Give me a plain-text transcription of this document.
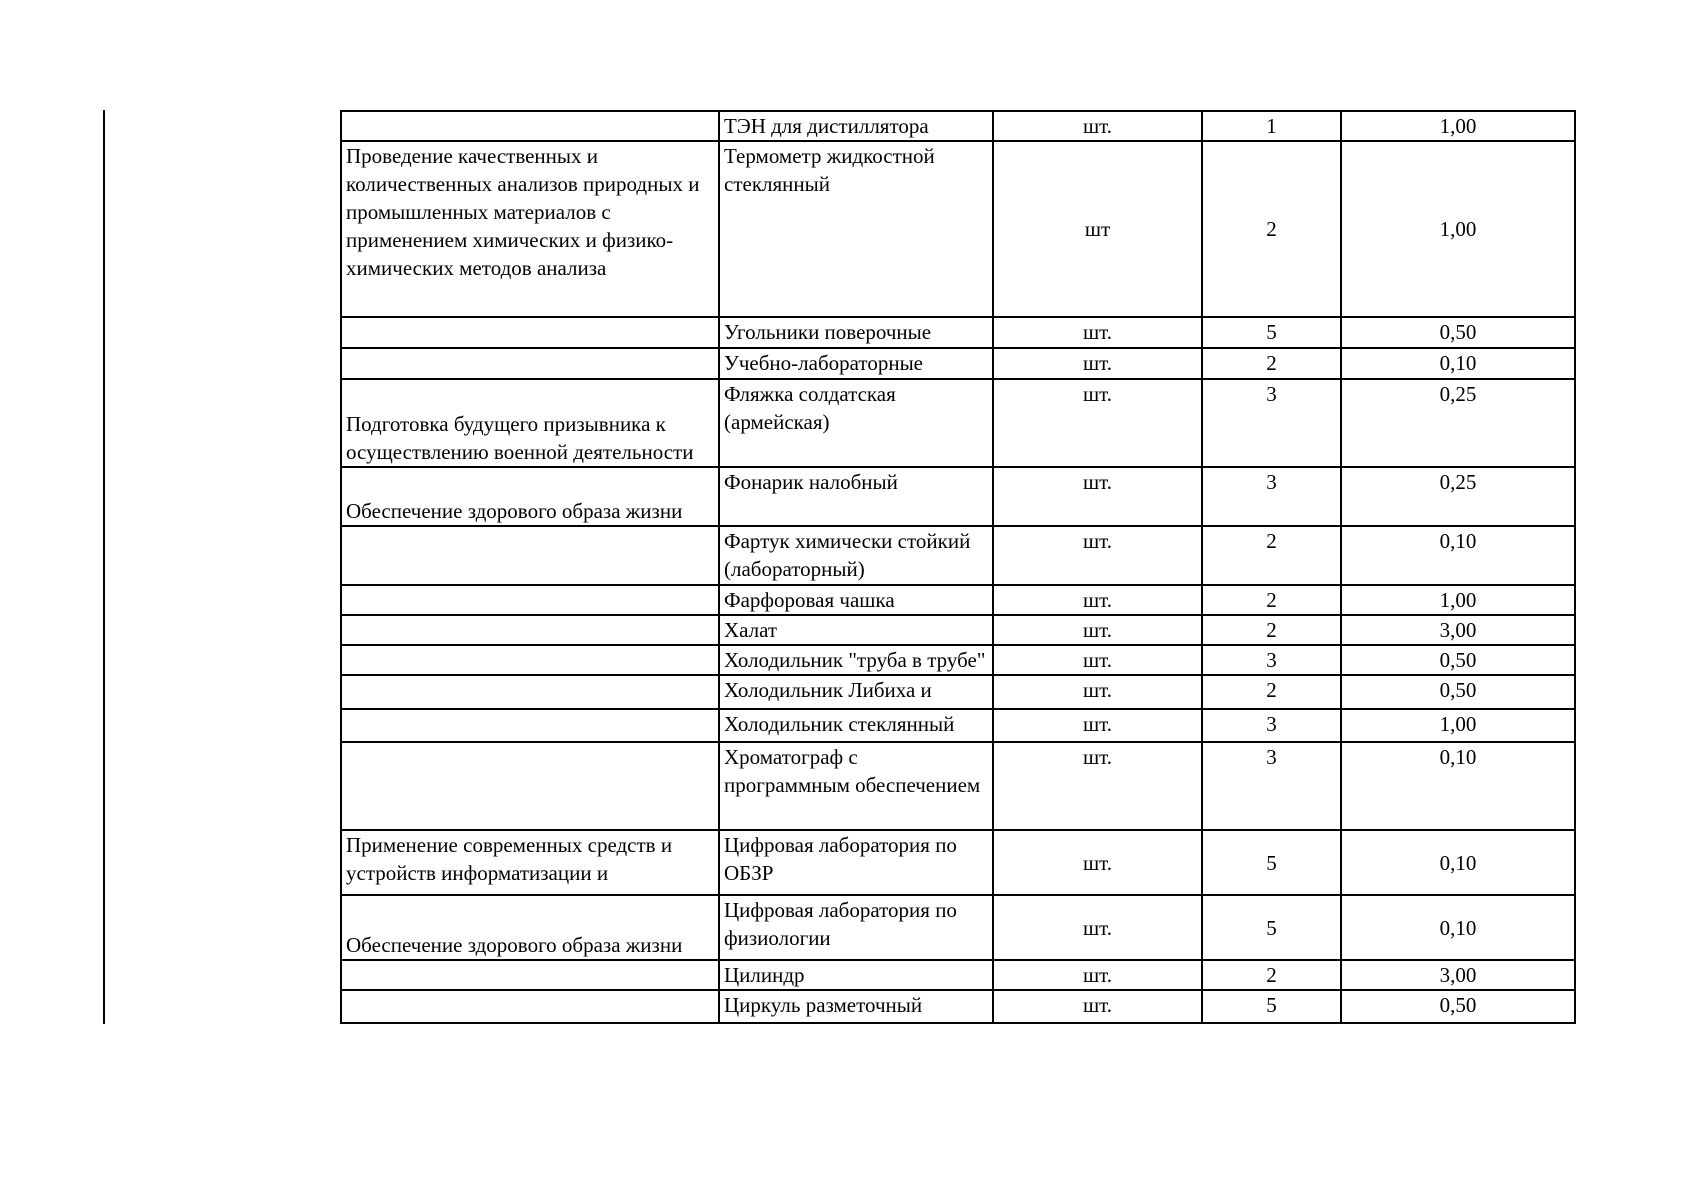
	ТЭН для дистиллятора	шт.	1	1,00
Проведение качественных и количественных анализов природных и промышленных материалов с применением химических и физико-химических методов анализа	Термометр жидкостной стеклянный	шт	2	1,00
	Угольники поверочные	шт.	5	0,50
	Учебно-лабораторные	шт.	2	0,10
Подготовка будущего призывника к осуществлению военной деятельности	Фляжка солдатская (армейская)	шт.	3	0,25
Обеспечение здорового образа жизни	Фонарик налобный	шт.	3	0,25
	Фартук химически стойкий (лабораторный)	шт.	2	0,10
	Фарфоровая чашка	шт.	2	1,00
	Халат	шт.	2	3,00
	Холодильник "труба в трубе"	шт.	3	0,50
	Холодильник Либиха и	шт.	2	0,50
	Холодильник стеклянный	шт.	3	1,00
	Хроматограф с программным обеспечением	шт.	3	0,10
Применение современных средств и устройств информатизации и	Цифровая лаборатория по ОБЗР	шт.	5	0,10
Обеспечение здорового образа жизни	Цифровая лаборатория по физиологии	шт.	5	0,10
	Цилиндр	шт.	2	3,00
	Циркуль разметочный	шт.	5	0,50
